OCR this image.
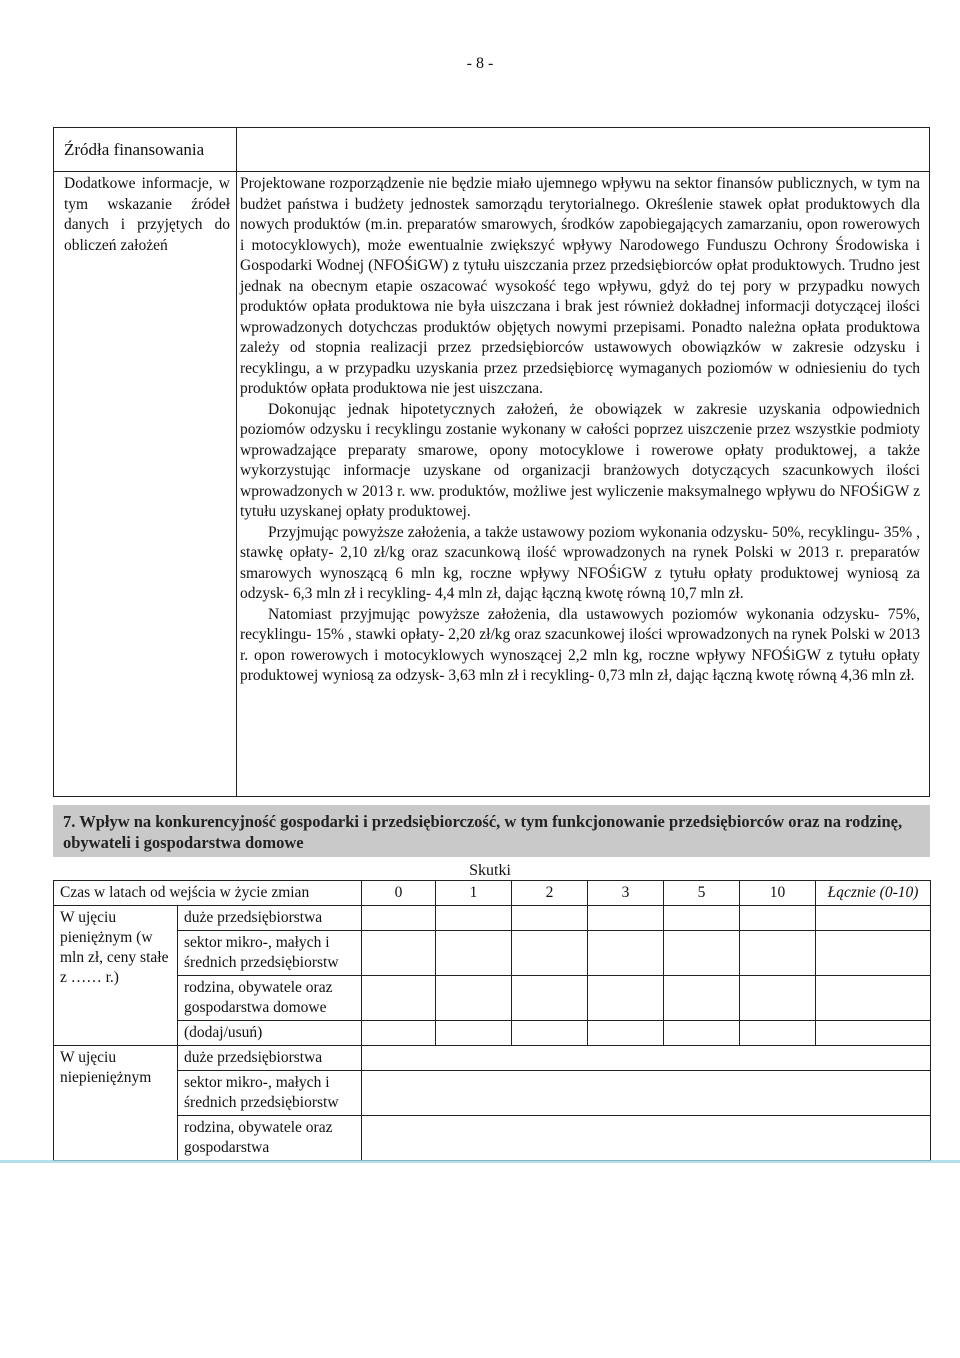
- 8 -
Źródła finansowania
Dodatkowe informacje, w tym wskazanie źródeł danych i przyjętych do obliczeń założeń

Projektowane rozporządzenie nie będzie miało ujemnego wpływu na sektor finansów publicznych, w tym na budżet państwa i budżety jednostek samorządu terytorialnego. Określenie stawek opłat produktowych dla nowych produktów (m.in. preparatów smarowych, środków zapobiegających zamarzaniu, opon rowerowych i motocyklowych), może ewentualnie zwiększyć wpływy Narodowego Funduszu Ochrony Środowiska i Gospodarki Wodnej (NFOŚiGW) z tytułu uiszczania przez przedsiębiorców opłat produktowych. Trudno jest jednak na obecnym etapie oszacować wysokość tego wpływu, gdyż do tej pory w przypadku nowych produktów opłata produktowa nie była uiszczana i brak jest również dokładnej informacji dotyczącej ilości wprowadzonych dotychczas produktów objętych nowymi przepisami. Ponadto należna opłata produktowa zależy od stopnia realizacji przez przedsiębiorców ustawowych obowiązków w zakresie odzysku i recyklingu, a w przypadku uzyskania przez przedsiębiorcę wymaganych poziomów w odniesieniu do tych produktów opłata produktowa nie jest uiszczana.

Dokonując jednak hipotetycznych założeń, że obowiązek w zakresie uzyskania odpowiednich poziomów odzysku i recyklingu zostanie wykonany w całości poprzez uiszczenie przez wszystkie podmioty wprowadzające preparaty smarowe, opony motocyklowe i rowerowe opłaty produktowej, a także wykorzystując informacje uzyskane od organizacji branżowych dotyczących szacunkowych ilości wprowadzonych w 2013 r. ww. produktów, możliwe jest wyliczenie maksymalnego wpływu do NFOŚiGW z tytułu uzyskanej opłaty produktowej.

Przyjmując powyższe założenia, a także ustawowy poziom wykonania odzysku- 50%, recyklingu- 35% , stawkę opłaty- 2,10 zł/kg oraz szacunkową ilość wprowadzonych na rynek Polski w 2013 r. preparatów smarowych wynoszącą 6 mln kg, roczne wpływy NFOŚiGW z tytułu opłaty produktowej wyniosą za odzysk- 6,3 mln zł i recykling- 4,4 mln zł, dając łączną kwotę równą 10,7 mln zł.

Natomiast przyjmując powyższe założenia, dla ustawowych poziomów wykonania odzysku- 75%, recyklingu- 15% , stawki opłaty- 2,20 zł/kg oraz szacunkowej ilości wprowadzonych na rynek Polski w 2013 r. opon rowerowych i motocyklowych wynoszącej 2,2 mln kg, roczne wpływy NFOŚiGW z tytułu opłaty produktowej wyniosą za odzysk- 3,63 mln zł i recykling- 0,73 mln zł, dając łączną kwotę równą 4,36 mln zł.

7. Wpływ na konkurencyjność gospodarki i przedsiębiorczość, w tym funkcjonowanie przedsiębiorców oraz na rodzinę, obywateli i gospodarstwa domowe
Skutki
Czas w latach od wejścia w życie zmian		0	1	2	3	5	10	Łącznie (0-10)
W ujęciu pieniężnym (w mln zł, ceny stałe z …… r.)	duże przedsiębiorstwa							
	sektor mikro-, małych i średnich przedsiębiorstw							
	rodzina, obywatele oraz gospodarstwa domowe							
	(dodaj/usuń)							
W ujęciu niepieniężnym	duże przedsiębiorstwa							
	sektor mikro-, małych i średnich przedsiębiorstw							
	rodzina, obywatele oraz gospodarstwa							
